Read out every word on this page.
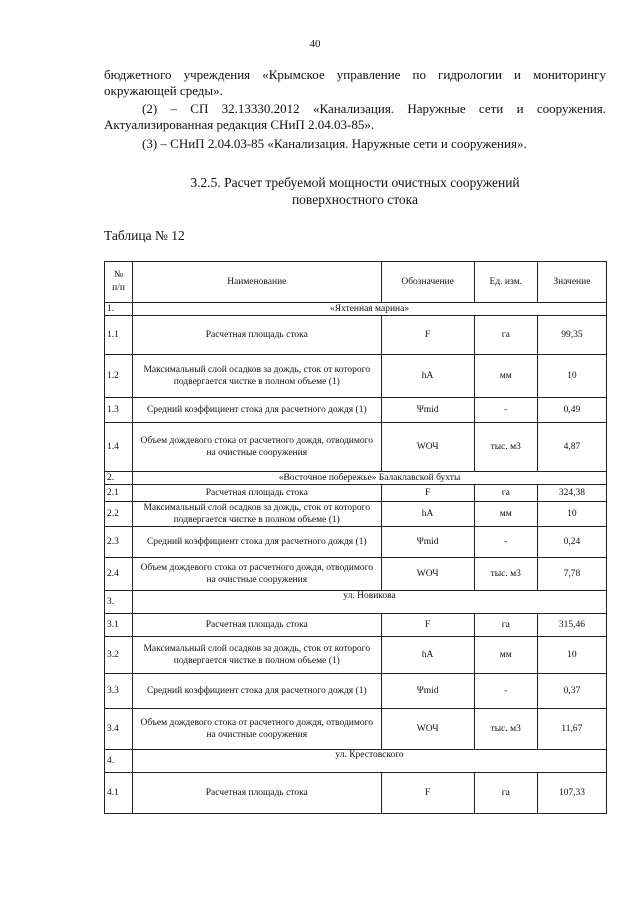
40
бюджетного учреждения «Крымское управление по гидрологии и мониторингу окружающей среды».
(2) – СП 32.13330.2012 «Канализация. Наружные сети и сооружения. Актуализированная редакция СНиП 2.04.03-85».
(3) – СНиП 2.04.03-85 «Канализация. Наружные сети и сооружения».
3.2.5. Расчет требуемой мощности очистных сооружений
поверхностного стока
Таблица № 12
№
п/п	Наименование	Обозначение	Ед. изм.	Значение
1.	«Яхтенная марина»			
1.1	Расчетная площадь стока	F	га	99,35
1.2	Максимальный слой осадков за дождь, сток от которого подвергается чистке в полном объеме (1)	hA	мм	10
1.3	Средний коэффициент стока для расчетного дождя (1)	Ψmid	-	0,49
1.4	Объем дождевого стока от расчетного дождя, отводимого на очистные сооружения	WОЧ	тыс. м3	4,87
2.	«Восточное побережье» Балаклавской бухты			
2.1	Расчетная площадь стока	F	га	324,38
2.2	Максимальный слой осадков за дождь, сток от которого подвергается чистке в полном объеме (1)	hA	мм	10
2.3	Средний коэффициент стока для расчетного дождя (1)	Ψmid	-	0,24
2.4	Объем дождевого стока от расчетного дождя, отводимого на очистные сооружения	WОЧ	тыс. м3	7,78
3.	ул. Новикова			
3.1	Расчетная площадь стока	F	га	315,46
3.2	Максимальный слой осадков за дождь, сток от которого подвергается чистке в полном объеме (1)	hA	мм	10
3.3	Средний коэффициент стока для расчетного дождя (1)	Ψmid	-	0,37
3.4	Объем дождевого стока от расчетного дождя, отводимого на очистные сооружения	WОЧ	тыс. м3	11,67
4.	ул. Крестовского			
4.1	Расчетная площадь стока	F	га	107,33
